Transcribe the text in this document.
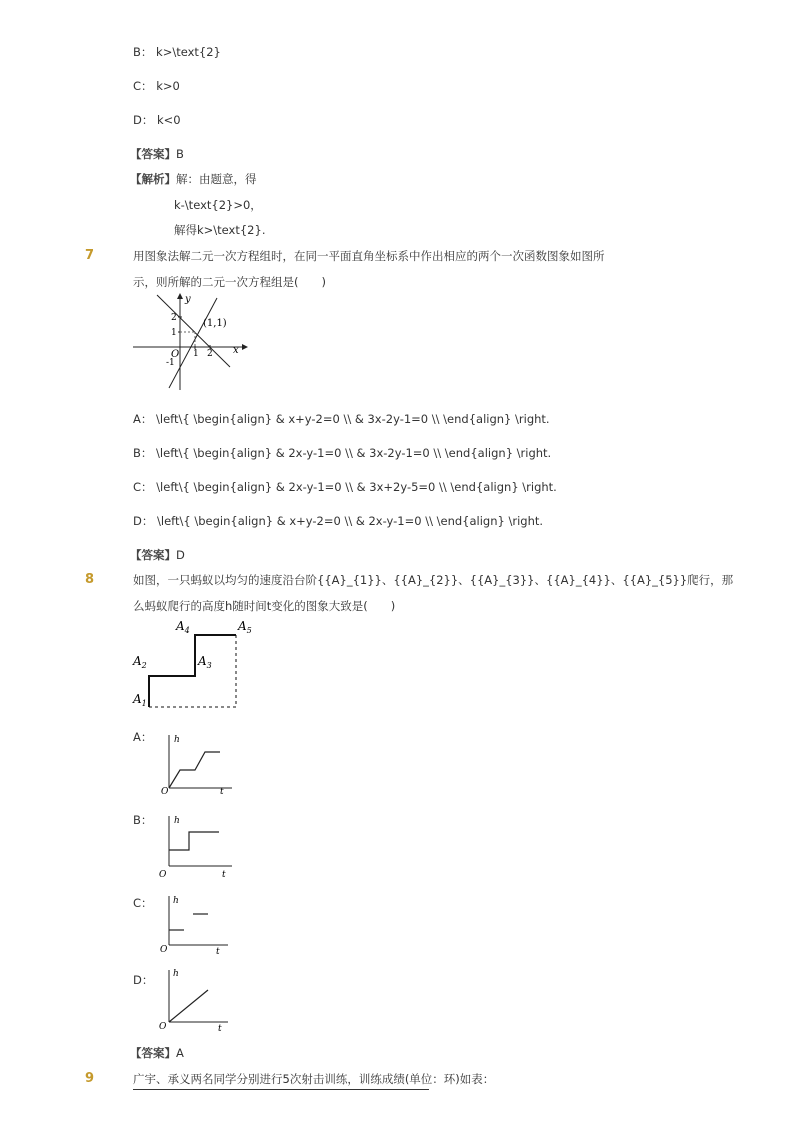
B： k>\text{2}
C： k>0
D： k<0
【答案】B
【解析】解：由题意，得
k-\text{2}>0，
解得k>\text{2}.
7	用图象法解二元一次方程组时，在同一平面直角坐标系中作出相应的两个一次函数图象如图所
示，则所解的二元一次方程组是(　　)
y
x
O
(1,1)
1 2
1
2
-1
A： \left\{ \begin{align} & x+y-2=0 \\ & 3x-2y-1=0 \\ \end{align} \right.
B： \left\{ \begin{align} & 2x-y-1=0 \\ & 3x-2y-1=0 \\ \end{align} \right.
C： \left\{ \begin{align} & 2x-y-1=0 \\ & 3x+2y-5=0 \\ \end{align} \right.
D： \left\{ \begin{align} & x+y-2=0 \\ & 2x-y-1=0 \\ \end{align} \right.
【答案】D
8	如图，一只蚂蚁以均匀的速度沿台阶{{A}_{1}}、{{A}_{2}}、{{A}_{3}}、{{A}_{4}}、{{A}_{5}}爬行，那
么蚂蚁爬行的高度h随时间t变化的图象大致是(　　)
$A_1$
$A_2$	$A_3$
$A_4$	$A_5$
A： h
t
O
B： h
t
O
C： h
t
O
D： h
t
O
【答案】A
9	广宇、承义两名同学分别进行5次射击训练，训练成绩(单位：环)如表：
